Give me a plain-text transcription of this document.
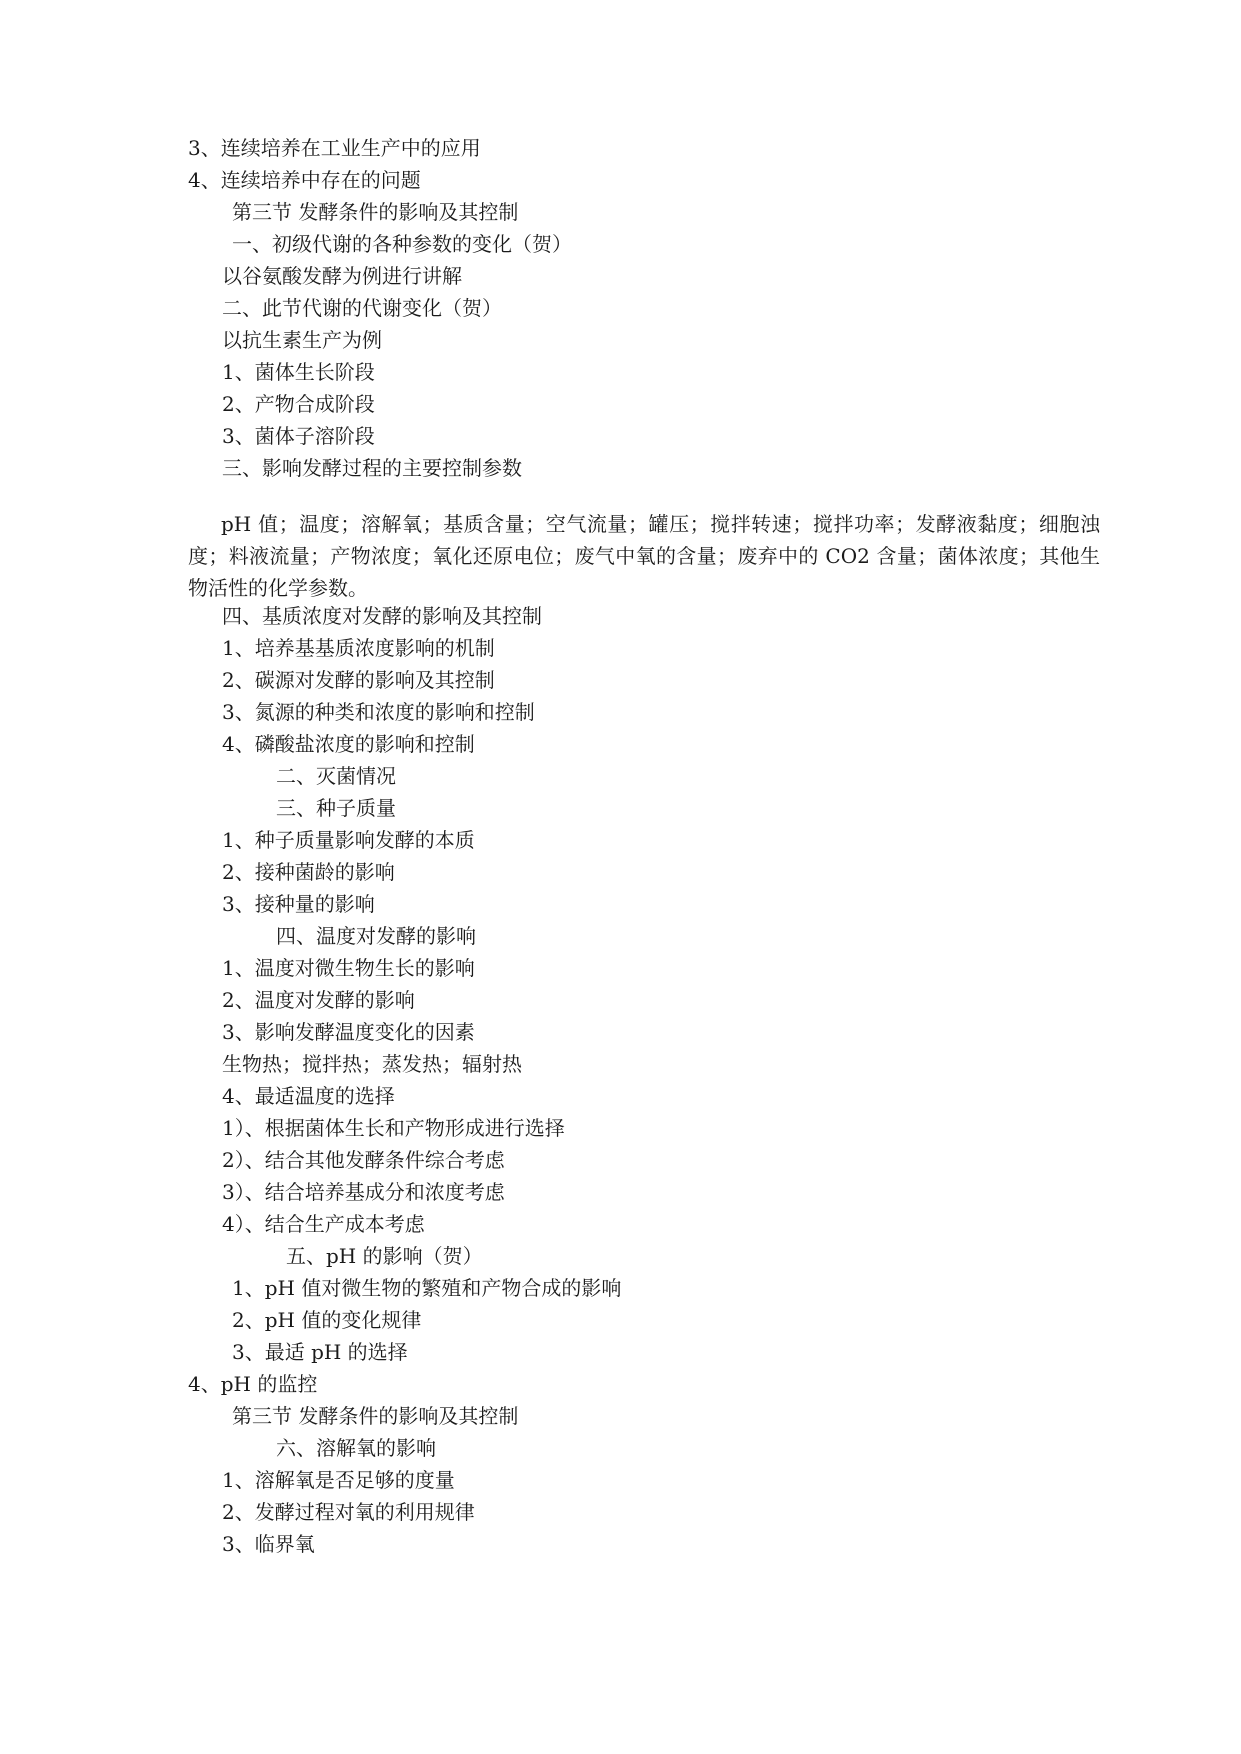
3、连续培养在工业生产中的应用
4、连续培养中存在的问题
第三节 发酵条件的影响及其控制
一、初级代谢的各种参数的变化（贺）
以谷氨酸发酵为例进行讲解
二、此节代谢的代谢变化（贺）
以抗生素生产为例
1、菌体生长阶段
2、产物合成阶段
3、菌体子溶阶段
三、影响发酵过程的主要控制参数
pH 值；温度；溶解氧；基质含量；空气流量；罐压；搅拌转速；搅拌功率；发酵液黏度；细胞浊度；料液流量；产物浓度；氧化还原电位；废气中氧的含量；废弃中的 CO2 含量；菌体浓度；其他生物活性的化学参数。
四、基质浓度对发酵的影响及其控制
1、培养基基质浓度影响的机制
2、碳源对发酵的影响及其控制
3、氮源的种类和浓度的影响和控制
4、磷酸盐浓度的影响和控制
二、灭菌情况
三、种子质量
1、种子质量影响发酵的本质
2、接种菌龄的影响
3、接种量的影响
四、温度对发酵的影响
1、温度对微生物生长的影响
2、温度对发酵的影响
3、影响发酵温度变化的因素
生物热；搅拌热；蒸发热；辐射热
4、最适温度的选择
1）、根据菌体生长和产物形成进行选择
2）、结合其他发酵条件综合考虑
3）、结合培养基成分和浓度考虑
4）、结合生产成本考虑
五、pH 的影响（贺）
1、pH 值对微生物的繁殖和产物合成的影响
2、pH 值的变化规律
3、最适 pH 的选择
4、pH 的监控
第三节 发酵条件的影响及其控制
六、溶解氧的影响
1、溶解氧是否足够的度量
2、发酵过程对氧的利用规律
3、临界氧
